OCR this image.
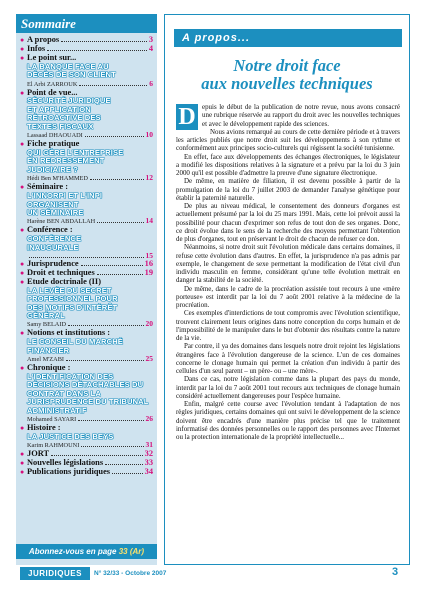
Sommaire
● A propos	3
● Infos	4
● Le point sur...
LA BANQUE FACE AU
DÉCÈS DE SON CLIENT
El Arbi ZARROUK	6
● Point de vue...
SÉCURITÉ JURIDIQUE
ET APPLICATION
RÉTROACTIVE DES
TEXTES FISCAUX
Lassaad DHAOUADI	10
● Fiche pratique
QUI GÈRE L'ENTREPRISE
EN REDRESSEMENT
JUDICIAIRE ?
Hédi Ben M'HAMMED	12
● Séminaire :
L'INNORPI ET L'INPI
ORGANISENT
UN SÉMINAIRE
Harène BEN ABDALLAH	14
● Conférence :
CONFÉRENCE
INAUGURALE
15
● Jurisprudence	16
● Droit et techniques	19
● Etude doctrinale (II)
LA LEVÉE DU SECRET
PROFESSIONNEL POUR
DES MOTIFS D'INTÉRÊT
GÉNÉRAL
Samy BELAID	20
● Notions et institutions :
LE CONSEIL DU MARCHÉ
FINANCIER
Amel M'ZABI	25
● Chronique :
L'IDENTIFICATION DES
DÉCISIONS DÉTACHABLES DU
CONTRAT DANS LA
JURISPRUDENCE DU TRIBUNAL
ADMINISTRATIF
Mohamed SAYARI	26
● Histoire :
LA JUSTICE DES BEYS
Karim RAHMOUNI	31
● JORT	32
● Nouvelles législations	33
● Publications juridiques	34
Abonnez-vous en page 33 (Ar)
A propos...
Notre droit face
aux nouvelles techniques

D epuis le début de la publication de notre revue, nous avons consacré une rubrique réservée au rapport du droit avec les nouvelles techniques et avec le développement rapide des sciences.

Nous avions remarqué au cours de cette dernière période et à travers les articles publiés que notre droit suit les développements à son rythme et conformément aux principes socio-culturels qui régissent la société tunisienne.

En effet, face aux développements des échanges électroniques, le législateur a modifié les dispositions relatives à la signature et a prévu par la loi du 3 juin 2000 qu'il est possible d'admettre la preuve d'une signature électronique.

De même, en matière de filiation, il est devenu possible à partir de la promulgation de la loi du 7 juillet 2003 de demander l'analyse génétique pour établir la paternité naturelle.

De plus au niveau médical, le consentement des donneurs d'organes est actuellement présumé par la loi du 25 mars 1991. Mais, cette loi prévoit aussi la possibilité pour chacun d'exprimer son refus de tout don de ses organes. Donc, ce droit évolue dans le sens de la recherche des moyens permettant l'obtention de plus d'organes, tout en préservant le droit de chacun de refuser ce don.

Néanmoins, si notre droit suit l'évolution médicale dans certains domaines, il refuse cette évolution dans d'autres. En effet, la jurisprudence n'a pas admis par exemple, le changement de sexe permettant la modification de l'état civil d'un individu masculin en femme, considérant qu'une telle évolution mettrait en danger la stabilité de la société.

De même, dans le cadre de la procréation assistée tout recours à une «mère porteuse» est interdit par la loi du 7 août 2001 relative à la médecine de la procréation.

Ces exemples d'interdictions de tout compromis avec l'évolution scientifique, trouvent clairement leurs origines dans notre conception du corps humain et de l'impossibilité de le manipuler dans le but d'obtenir des résultats contre la nature de la vie.

Par contre, il ya des domaines dans lesquels notre droit rejoint les législations étrangères face à l'évolution dangereuse de la science. L'un de ces domaines concerne le clonage humain qui permet la création d'un individu à partir des cellules d'un seul parent – un père- ou – une mère-.

Dans ce cas, notre législation comme dans la plupart des pays du monde, interdit par la loi du 7 août 2001 tout recours aux techniques de clonage humain considéré actuellement dangereuses pour l'espèce humaine.

Enfin, malgré cette course avec l'évolution tendant à l'adaptation de nos règles juridiques, certains domaines qui ont suivi le développement de la science doivent être encadrés d'une manière plus précise tel que le traitement informatisé des données personnelles ou le rapport des personnes avec l'Internet ou la protection internationale de la propriété intellectuelle...

JURIDIQUES	N° 32/33 - Octobre 2007	3
